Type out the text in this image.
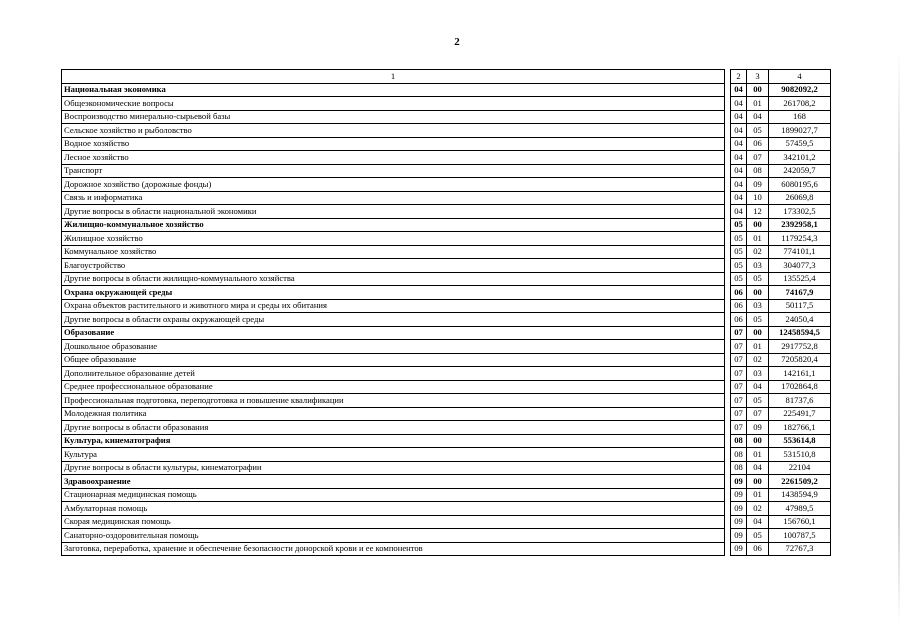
2
1		2	3	4
Национальная экономика		04	00	9082092,2
Общеэкономические вопросы		04	01	261708,2
Воспроизводство минерально-сырьевой базы		04	04	168
Сельское хозяйство и рыболовство		04	05	1899027,7
Водное хозяйство		04	06	57459,5
Лесное хозяйство		04	07	342101,2
Транспорт		04	08	242059,7
Дорожное хозяйство (дорожные фонды)		04	09	6080195,6
Связь и информатика		04	10	26069,8
Другие вопросы в области национальной экономики		04	12	173302,5
Жилищно-коммунальное хозяйство		05	00	2392958,1
Жилищное хозяйство		05	01	1179254,3
Коммунальное хозяйство		05	02	774101,1
Благоустройство		05	03	304077,3
Другие вопросы в области жилищно-коммунального хозяйства		05	05	135525,4
Охрана окружающей среды		06	00	74167,9
Охрана объектов растительного и животного мира и среды их обитания		06	03	50117,5
Другие вопросы в области охраны окружающей среды		06	05	24050,4
Образование		07	00	12458594,5
Дошкольное образование		07	01	2917752,8
Общее образование		07	02	7205820,4
Дополнительное образование детей		07	03	142161,1
Среднее профессиональное образование		07	04	1702864,8
Профессиональная подготовка, переподготовка и повышение квалификации		07	05	81737,6
Молодежная политика		07	07	225491,7
Другие вопросы в области образования		07	09	182766,1
Культура, кинематография		08	00	553614,8
Культура		08	01	531510,8
Другие вопросы в области культуры, кинематографии		08	04	22104
Здравоохранение		09	00	2261509,2
Стационарная медицинская помощь		09	01	1438594,9
Амбулаторная помощь		09	02	47989,5
Скорая медицинская помощь		09	04	156760,1
Санаторно-оздоровительная помощь		09	05	100787,5
Заготовка, переработка, хранение и обеспечение безопасности донорской крови и ее компонентов		09	06	72767,3
